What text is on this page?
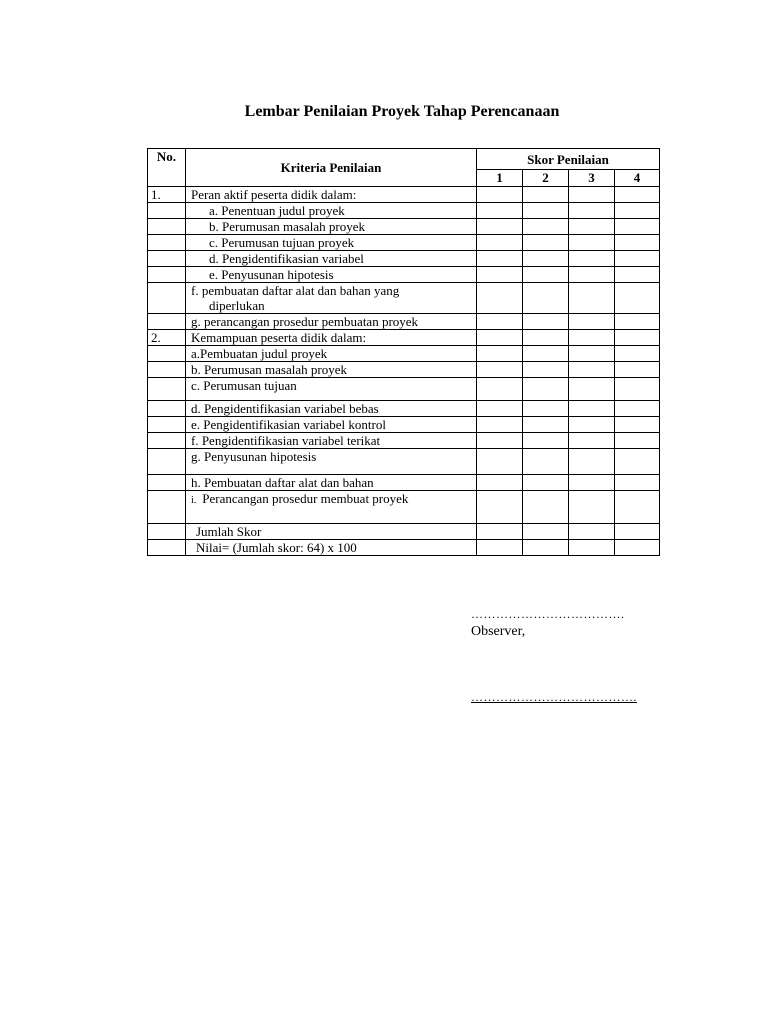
Lembar Penilaian Proyek Tahap Perencanaan
No.	Kriteria Penilaian	Skor Penilaian			
		1	2	3	4
1.	Peran aktif peserta didik dalam:				

	a. Penentuan judul proyek				

	b. Perumusan masalah proyek				

	c. Perumusan tujuan proyek				

	d. Pengidentifikasian variabel				

	e. Penyusunan hipotesis				

	f. pembuatan daftar alat dan bahan yang
diperlukan				

	g. perancangan prosedur pembuatan proyek				

2.	Kemampuan peserta didik dalam:				
	a.Pembuatan judul proyek				
	b. Perumusan masalah proyek				
	c. Perumusan tujuan				
	d. Pengidentifikasian variabel bebas				
	e. Pengidentifikasian variabel kontrol				
	f. Pengidentifikasian variabel terikat				
	g. Penyusunan hipotesis				
	h. Pembuatan daftar alat dan bahan				
	i. Perancangan prosedur membuat proyek				
	Jumlah Skor				
	Nilai= (Jumlah skor: 64) x 100				
……………………………….
Observer,
………………………………….
